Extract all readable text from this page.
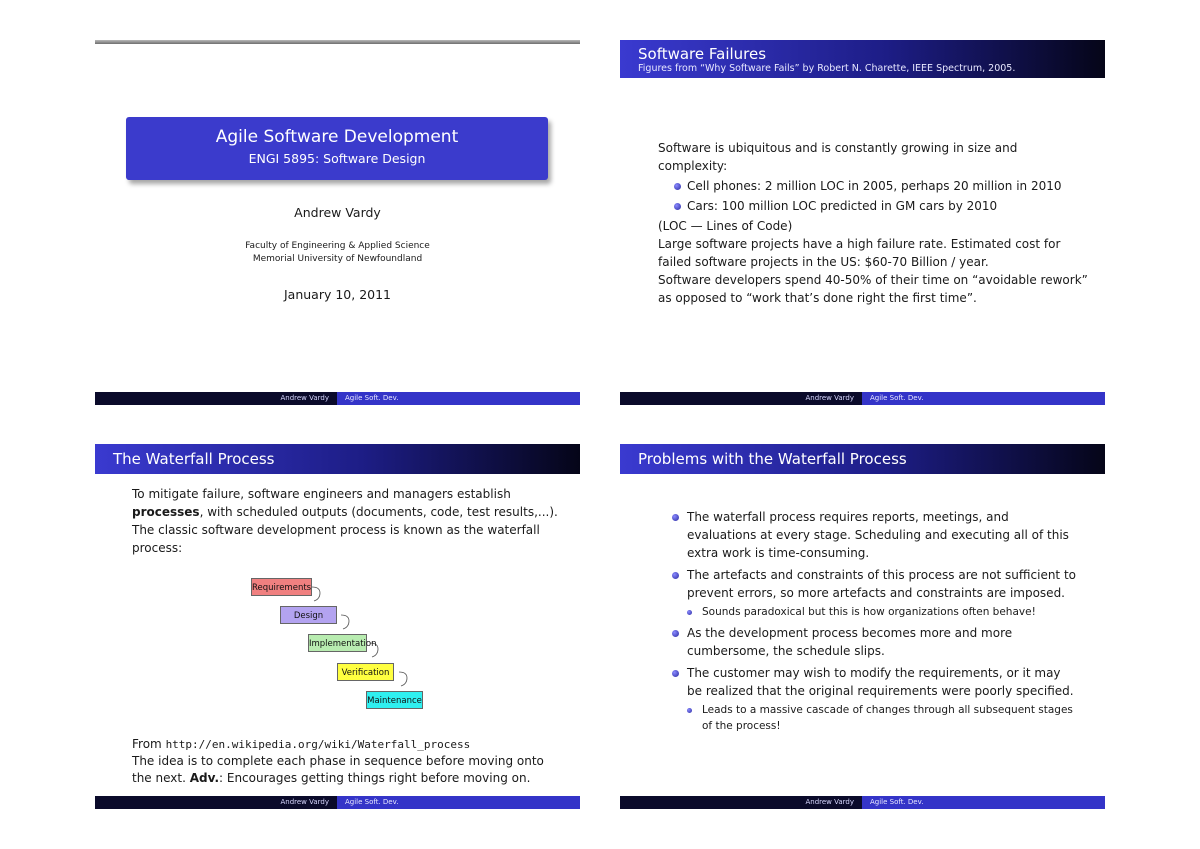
Agile Software Development
ENGI 5895: Software Design
Andrew Vardy
Faculty of Engineering & Applied Science
Memorial University of Newfoundland
January 10, 2011
Andrew Vardy	Agile Soft. Dev.
Software Failures
Figures from “Why Software Fails” by Robert N. Charette, IEEE Spectrum, 2005.
Software is ubiquitous and is constantly growing in size and complexity:
Cell phones: 2 million LOC in 2005, perhaps 20 million in 2010
Cars: 100 million LOC predicted in GM cars by 2010
(LOC — Lines of Code)
Large software projects have a high failure rate. Estimated cost for failed software projects in the US: $60-70 Billion / year.
Software developers spend 40-50% of their time on “avoidable rework” as opposed to “work that’s done right the first time”.
Andrew Vardy	Agile Soft. Dev.
The Waterfall Process
To mitigate failure, software engineers and managers establish processes, with scheduled outputs (documents, code, test results,...). The classic software development process is known as the waterfall process:
Requirements
Design
Implementation
Verification
Maintenance
From http://en.wikipedia.org/wiki/Waterfall_process
The idea is to complete each phase in sequence before moving onto the next. Adv.: Encourages getting things right before moving on.
Andrew Vardy	Agile Soft. Dev.
Problems with the Waterfall Process
The waterfall process requires reports, meetings, and evaluations at every stage. Scheduling and executing all of this extra work is time-consuming.
The artefacts and constraints of this process are not sufficient to prevent errors, so more artefacts and constraints are imposed.
Sounds paradoxical but this is how organizations often behave!
As the development process becomes more and more cumbersome, the schedule slips.
The customer may wish to modify the requirements, or it may be realized that the original requirements were poorly specified.
Leads to a massive cascade of changes through all subsequent stages of the process!
Andrew Vardy	Agile Soft. Dev.
